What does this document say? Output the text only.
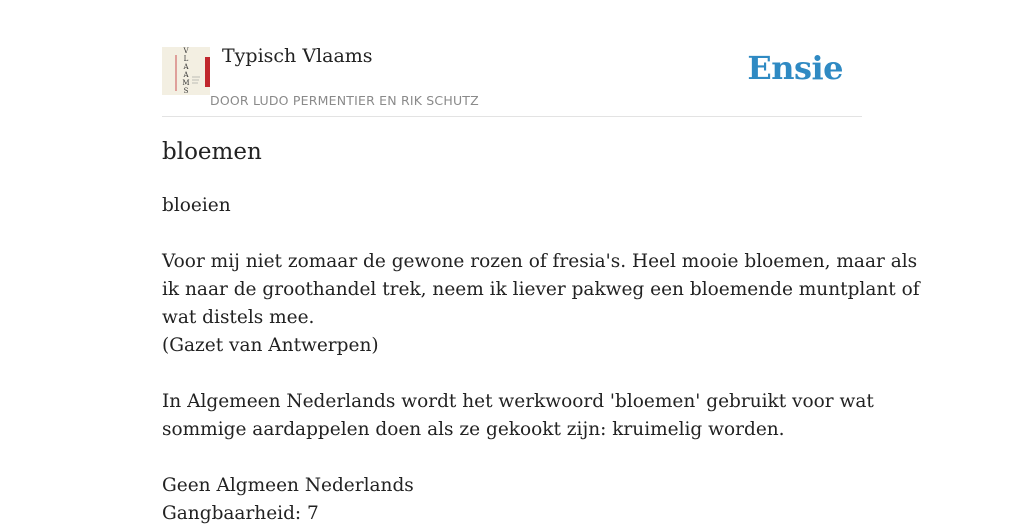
V
L
A
A
M
S
Typisch Vlaams
DOOR LUDO PERMENTIER EN RIK SCHUTZ
Ensie
bloemen
bloeien
Voor mij niet zomaar de gewone rozen of fresia's. Heel mooie bloemen, maar als
ik naar de groothandel trek, neem ik liever pakweg een bloemende muntplant of
wat distels mee.
(Gazet van Antwerpen)
In Algemeen Nederlands wordt het werkwoord 'bloemen' gebruikt voor wat
sommige aardappelen doen als ze gekookt zijn: kruimelig worden.
Geen Algmeen Nederlands
Gangbaarheid: 7
